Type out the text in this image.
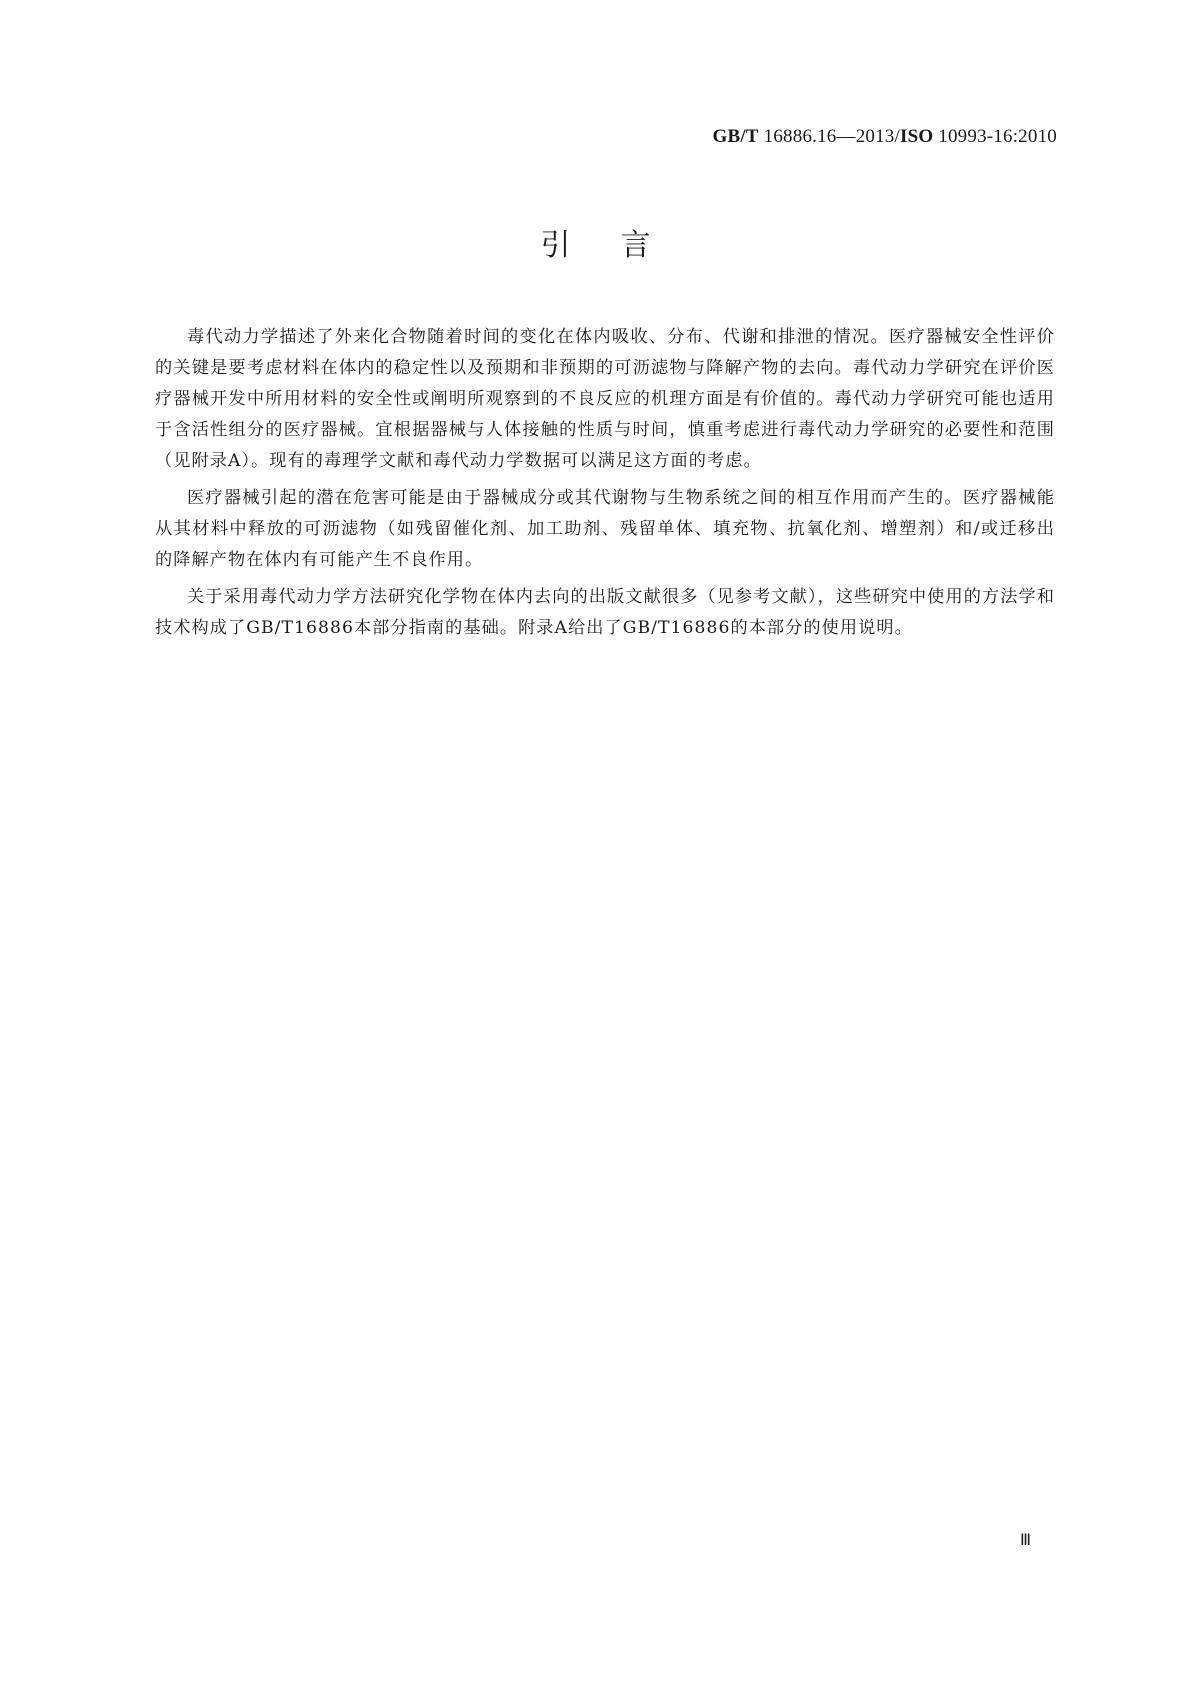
GB/T 16886.16—2013/ISO 10993-16:2010
引言

毒代动力学描述了外来化合物随着时间的变化在体内吸收、分布、代谢和排泄的情况。医疗器械安全性评价的关键是要考虑材料在体内的稳定性以及预期和非预期的可沥滤物与降解产物的去向。毒代动力学研究在评价医疗器械开发中所用材料的安全性或阐明所观察到的不良反应的机理方面是有价值的。毒代动力学研究可能也适用于含活性组分的医疗器械。宜根据器械与人体接触的性质与时间，慎重考虑进行毒代动力学研究的必要性和范围（见附录A）。现有的毒理学文献和毒代动力学数据可以满足这方面的考虑。

医疗器械引起的潜在危害可能是由于器械成分或其代谢物与生物系统之间的相互作用而产生的。医疗器械能从其材料中释放的可沥滤物（如残留催化剂、加工助剂、残留单体、填充物、抗氧化剂、增塑剂）和/或迁移出的降解产物在体内有可能产生不良作用。

关于采用毒代动力学方法研究化学物在体内去向的出版文献很多（见参考文献），这些研究中使用的方法学和技术构成了GB/T16886本部分指南的基础。附录A给出了GB/T16886的本部分的使用说明。

Ⅲ
